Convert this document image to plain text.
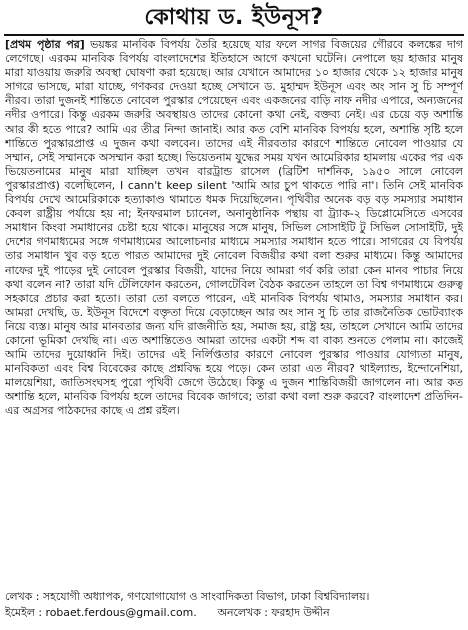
কোথায় ড. ইউনূস?

[প্রথম পৃষ্ঠার পর] ভয়ঙ্কর মানবিক বিপর্যয় তৈরি হয়েছে যার ফলে সাগর বিজয়ের গৌরবে কলঙ্কের দাগ লেগেছে। এরকম মানবিক বিপর্যয় বাংলাদেশের ইতিহাসে আগে কখনো ঘটেনি। নেপালে ছয় হাজার মানুষ মারা যাওয়ায় জরুরি অবস্থা ঘোষণা করা হয়েছে। আর যেখানে আমাদের ১০ হাজার থেকে ১২ হাজার মানুষ সাগরে ভাসছে, মারা যাচ্ছে, গণকবর দেওয়া হচ্ছে সেখানে ড. মুহাম্মদ ইউনূস এবং অং সান সু চি সম্পূর্ণ নীরব। তারা দুজনই শান্তিতে নোবেল পুরস্কার পেয়েছেন এবং একজনের বাড়ি নাফ নদীর এপারে, অন্যজনের নদীর ওপারে। কিন্তু এরকম জরুরি অবস্থায়ও তাদের কোনো কথা নেই, বক্তব্য নেই। এর চেয়ে বড় অশান্তি আর কী হতে পারে? আমি এর তীব্র নিন্দা জানাই। আর কত বেশি মানবিক বিপর্যয় হলে, অশান্তি সৃষ্টি হলে শান্তিতে পুরস্কারপ্রাপ্ত এ দুজন কথা বলবেন। তাদের এই নীরবতার কারণে শান্তিতে নোবেল পাওয়ার যে সম্মান, সেই সম্মানকে অসম্মান করা হচ্ছে। ভিয়েতনাম যুদ্ধের সময় যখন আমেরিকার হামলায় একের পর এক ভিয়েতনামের মানুষ মারা যাচ্ছিল তখন বারট্রান্ড রাসেল (ব্রিটিশ দার্শনিক, ১৯৫০ সালে নোবেল পুরস্কারপ্রাপ্ত) বলেছিলেন, I cann't keep silent 'আমি আর চুপ থাকতে পারি না'। তিনি সেই মানবিক বিপর্যয় দেখে আমেরিকাকে হত্যাকাণ্ড থামাতে ধমক দিয়েছিলেন। পৃথিবীর অনেক বড় বড় সমস্যার সমাধান কেবল রাষ্ট্রীয় পর্যায়ে হয় না; ইনফরমাল চ্যানেল, অনানুষ্ঠানিক পন্থায় বা ট্র্যাক-২ ডিপ্লোমেসিতে এসবের সমাধান কিংবা সমাধানের চেষ্টা হয়ে থাকে। মানুষের সঙ্গে মানুষ, সিভিল সোসাইটি টু সিভিল সোসাইটি, দুই দেশের গণমাধ্যমের সঙ্গে গণমাধ্যমের আলোচনার মাধ্যমে সমস্যার সমাধান হতে পারে। সাগরের যে বিপর্যয় তার সমাধান খুব বড় হতে পারত আমাদের দুই নোবেল বিজয়ীর কথা বলা শুরুর মাধ্যমে। কিন্তু আমাদের নাফের দুই পাড়ের দুই নোবেল পুরস্কার বিজয়ী, যাদের নিয়ে আমরা গর্ব করি তারা কেন মানব পাচার নিয়ে কথা বলেন না? তারা যদি টেলিফোন করতেন, গোলটেবিল বৈঠক করতেন তাহলে তা বিশ্ব গণমাধ্যমে গুরুত্ব সহকারে প্রচার করা হতো। তারা তো বলতে পারেন, এই মানবিক বিপর্যয় থামাও, সমস্যার সমাধান কর। আমরা দেখছি, ড. ইউনূস বিদেশে বক্তৃতা দিয়ে বেড়াচ্ছেন আর অং সান সু চি তার রাজনৈতিক ভোটব্যাংক নিয়ে ব্যস্ত। মানুষ আর মানবতার জন্য যদি রাজনীতি হয়, সমাজ হয়, রাষ্ট্র হয়, তাহলে সেখানে আমি তাদের কোনো ভূমিকা দেখছি না। এত অশান্তিতেও আমরা তাদের একটা শব্দ বা বাক্য শুনতে পেলাম না। কাজেই আমি তাদের দুয়োধ্বনি দিই। তাদের এই নির্লিপ্ততার কারণে নোবেল পুরস্কার পাওয়ার যোগ্যতা মানুষ, মানবিকতা এবং বিশ্ব বিবেকের কাছে প্রশ্নবিদ্ধ হয়ে পড়ে। কেন তারা এত নীরব? থাইল্যান্ড, ইন্দোনেশিয়া, মালয়েশিয়া, জাতিসংঘসহ পুরো পৃথিবী জেগে উঠেছে। কিন্তু এ দুজন শান্তিবিজয়ী জাগলেন না। আর কত অশান্তি হলে, মানবিক বিপর্যয় হলে তাদের বিবেক জাগবে; তারা কথা বলা শুরু করবে? বাংলাদেশ প্রতিদিন-এর অগ্রসর পাঠকদের কাছে এ প্রশ্ন রইল।

লেখক : সহযোগী অধ্যাপক, গণযোগাযোগ ও সাংবাদিকতা বিভাগ, ঢাকা বিশ্ববিদ্যালয়।
ইমেইল : robaet.ferdous@gmail.com. অনলেখক : ফরহাদ উদ্দীন
